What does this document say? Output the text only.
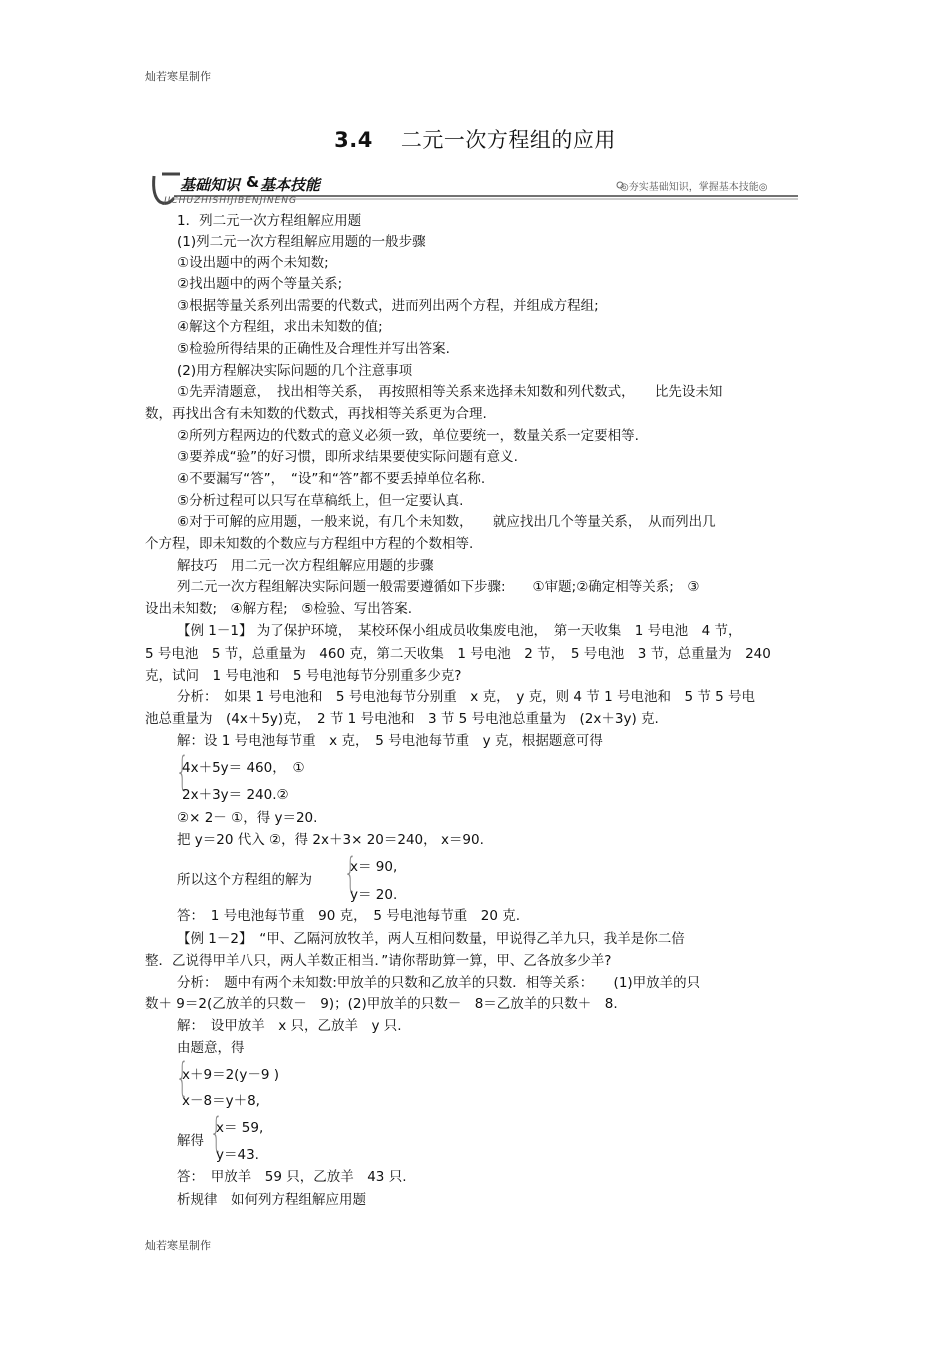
灿若寒星制作
3.4 二元一次方程组的应用
基础知识 & 基本技能
JICHUZHISHIJIBENJINENG
◎夯实基础知识，掌握基本技能◎
1．列二元一次方程组解应用题
(1)列二元一次方程组解应用题的一般步骤
①设出题中的两个未知数;
②找出题中的两个等量关系;
③根据等量关系列出需要的代数式，进而列出两个方程，并组成方程组;
④解这个方程组，求出未知数的值;
⑤检验所得结果的正确性及合理性并写出答案.
(2)用方程解决实际问题的几个注意事项
①先弄清题意，　找出相等关系，　再按照相等关系来选择未知数和列代数式，　　比先设未知
数，再找出含有未知数的代数式，再找相等关系更为合理.
②所列方程两边的代数式的意义必须一致，单位要统一，数量关系一定要相等.
③要养成“验”的好习惯，即所求结果要使实际问题有意义.
④不要漏写“答”，　“设”和“答”都不要丢掉单位名称.
⑤分析过程可以只写在草稿纸上，但一定要认真.
⑥对于可解的应用题，一般来说，有几个未知数，　　就应找出几个等量关系，　从而列出几
个方程，即未知数的个数应与方程组中方程的个数相等.
解技巧　用二元一次方程组解应用题的步骤
列二元一次方程组解决实际问题一般需要遵循如下步骤:　　①审题;②确定相等关系;　③
设出未知数;　④解方程;　⑤检验、写出答案.
【例 1－1】 为了保护环境，　某校环保小组成员收集废电池，　第一天收集　1 号电池　4 节，
5 号电池　5 节，总重量为　460 克，第二天收集　1 号电池　2 节，　5 号电池　3 节，总重量为　240
克，试问　1 号电池和　5 号电池每节分别重多少克?
分析：　如果 1 号电池和　5 号电池每节分别重　x 克，　y 克，则 4 节 1 号电池和　5 节 5 号电
池总重量为　(4x＋5y)克，　2 节 1 号电池和　3 节 5 号电池总重量为　(2x＋3y) 克.
解：设 1 号电池每节重　x 克，　5 号电池每节重　y 克，根据题意可得
{
4x＋5y＝ 460，　①
2x＋3y＝ 240.②
②× 2－ ①，得 y＝20.
把 y＝20 代入 ②，得 2x＋3× 20＝240， x＝90.
所以这个方程组的解为 {
x＝ 90,
y＝ 20.
答：　1 号电池每节重　90 克，　5 号电池每节重　20 克.
【例 1－2】　“甲、乙隔河放牧羊，两人互相问数量，甲说得乙羊九只，我羊是你二倍
整．乙说得甲羊八只，两人羊数正相当．”请你帮助算一算，甲、乙各放多少羊?
分析：　题中有两个未知数:甲放羊的只数和乙放羊的只数．相等关系：　　(1)甲放羊的只
数＋ 9＝2(乙放羊的只数－　9)；(2)甲放羊的只数－　8＝乙放羊的只数＋　8.
解：　设甲放羊　x 只，乙放羊　y 只.
由题意，得
{
x＋9＝2(y－9 )
x－8＝y＋8,
解得 {
x＝ 59,
y＝43.
答：　甲放羊　59 只，乙放羊　43 只.
析规律　如何列方程组解应用题
灿若寒星制作
